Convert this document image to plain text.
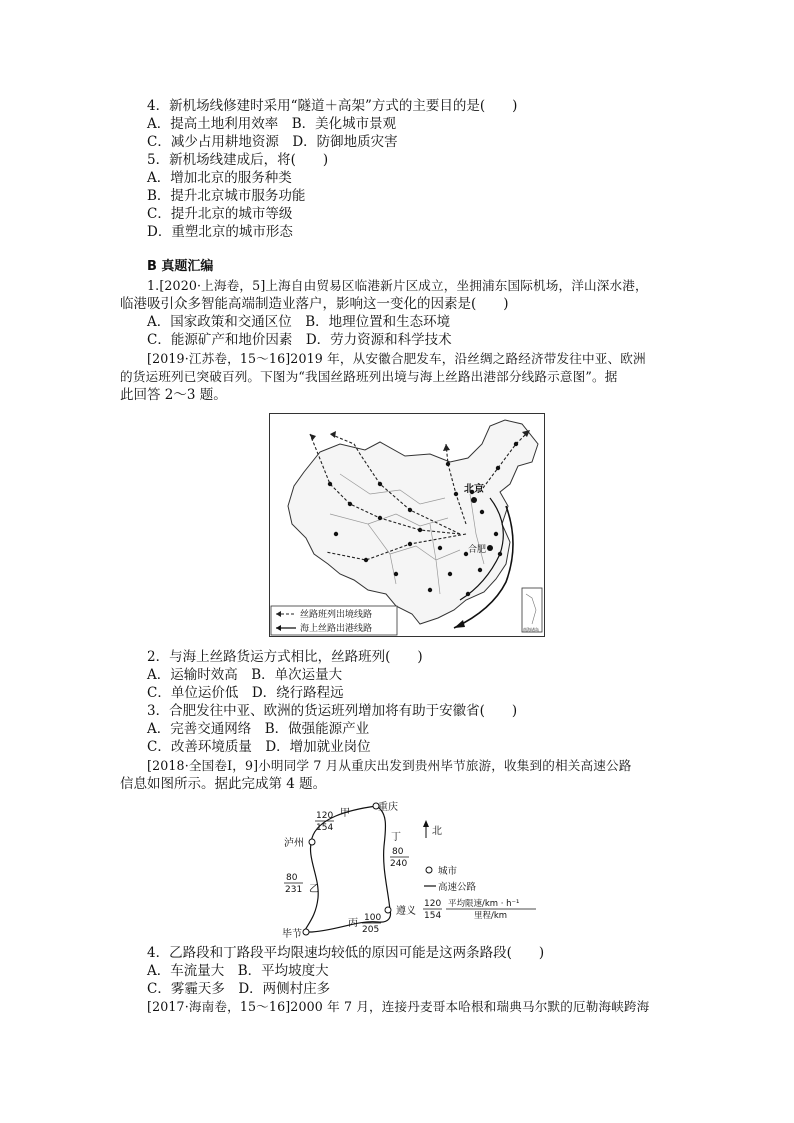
4．新机场线修建时采用“隧道＋高架”方式的主要目的是(　　)
A．提高土地利用效率　B．美化城市景观
C．减少占用耕地资源　D．防御地质灾害
5．新机场线建成后，将(　　)
A．增加北京的服务种类
B．提升北京城市服务功能
C．提升北京的城市等级
D．重塑北京的城市形态
B 真题汇编
1.[2020·上海卷，5]上海自由贸易区临港新片区成立，坐拥浦东国际机场，洋山深水港，
临港吸引众多智能高端制造业落户，影响这一变化的因素是(　　)
A．国家政策和交通区位　B．地理位置和生态环境
C．能源矿产和地价因素　D．劳力资源和科学技术
[2019·江苏卷，15～16]2019 年，从安徽合肥发车，沿丝绸之路经济带发往中亚、欧洲
的货运班列已突破百列。下图为“我国丝路班列出境与海上丝路出港部分线路示意图”。据
此回答 2～3 题。
北京
合肥
南海诸岛
丝路班列出境线路
海上丝路出港线路
2．与海上丝路货运方式相比，丝路班列(　　)
A．运输时效高　B．单次运量大
C．单位运价低　D．绕行路程远
3．合肥发往中亚、欧洲的货运班列增加将有助于安徽省(　　)
A．完善交通网络　B．做强能源产业
C．改善环境质量　D．增加就业岗位
[2018·全国卷Ⅰ，9]小明同学 7 月从重庆出发到贵州毕节旅游，收集到的相关高速公路
信息如图所示。据此完成第 4 题。
重庆
泸州
毕节
遵义
甲
乙
丙
丁
120
154
80
231
80
240
100
205
北
城市
高速公路
120
154
平均限速/km · h⁻¹
里程/km
4．乙路段和丁路段平均限速均较低的原因可能是这两条路段(　　)
A．车流量大　B．平均坡度大
C．雾霾天多　D．两侧村庄多
[2017·海南卷，15～16]2000 年 7 月，连接丹麦哥本哈根和瑞典马尔默的厄勒海峡跨海
